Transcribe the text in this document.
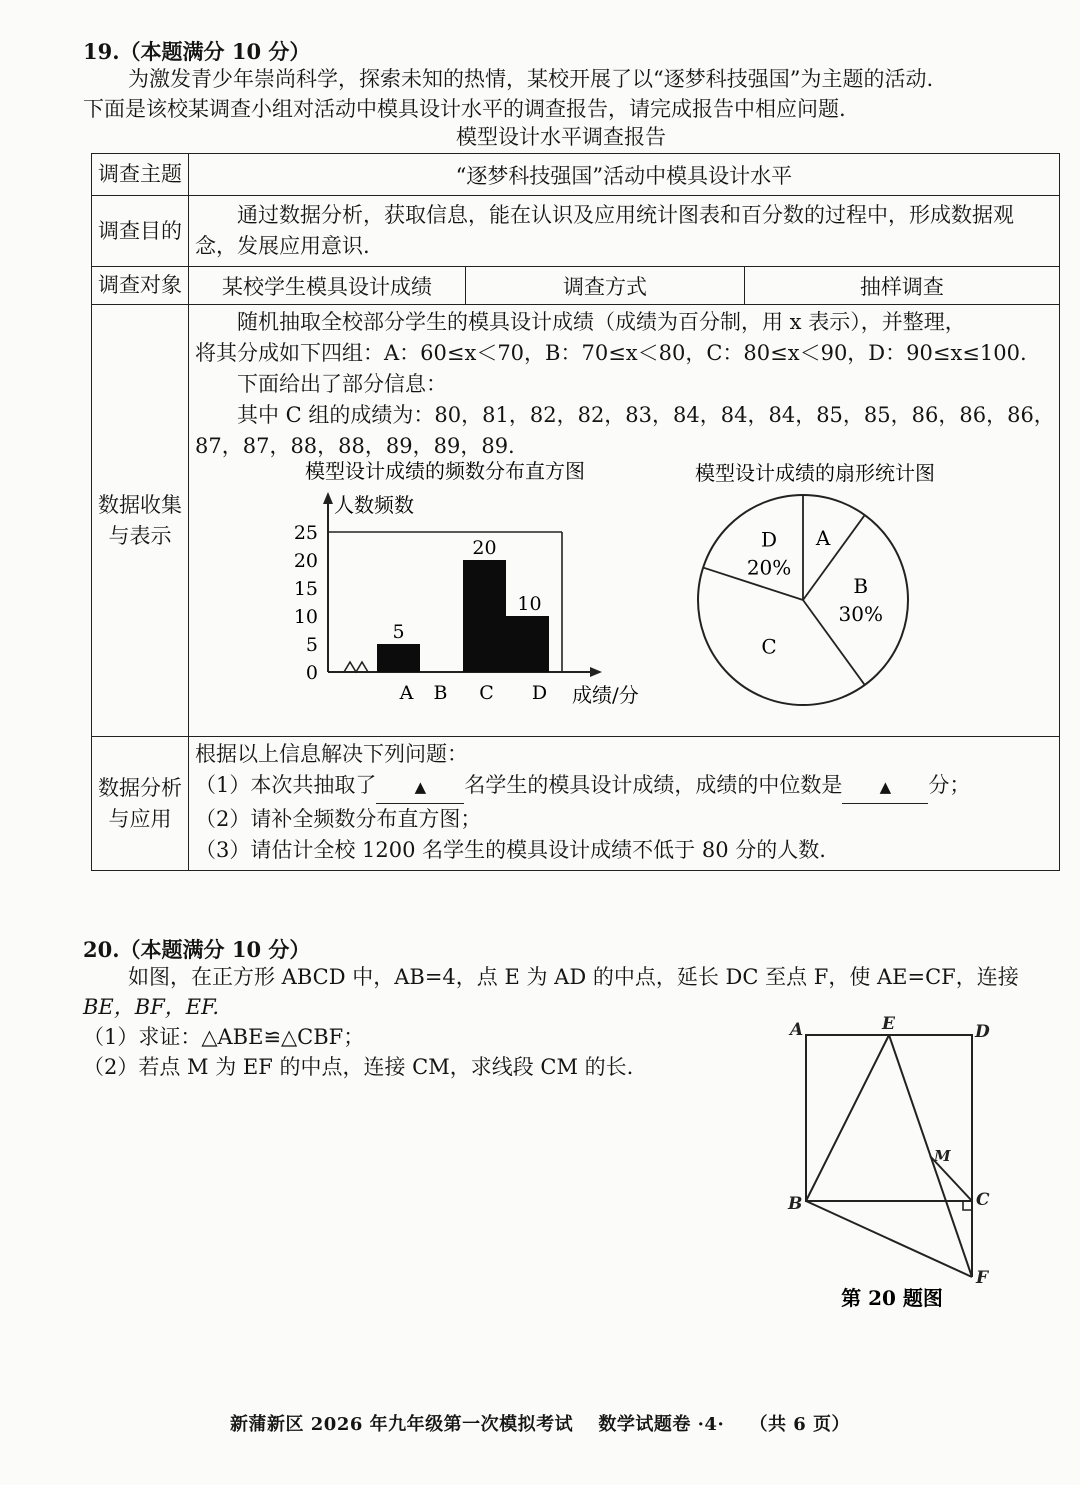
19.（本题满分 10 分）
为激发青少年崇尚科学，探索未知的热情，某校开展了以“逐梦科技强国”为主题的活动.
下面是该校某调查小组对活动中模具设计水平的调查报告，请完成报告中相应问题.
模型设计水平调查报告
调查主题	“逐梦科技强国”活动中模具设计水平		
调查目的	通过数据分析，获取信息，能在认识及应用统计图表和百分数的过程中，形成数据观念，发展应用意识.		

调查对象	某校学生模具设计成绩	调查方式	抽样调查
数据收集与表示	随机抽取全校部分学生的模具设计成绩（成绩为百分制，用 x 表示），并整理，
将其分成如下四组：A：60≤x＜70，B：70≤x＜80，C：80≤x＜90，D：90≤x≤100.
下面给出了部分信息：
其中 C 组的成绩为：80，81，82，82，83，84，84，84，85，85，86，86，86，
87，87，88，88，89，89，89.		

数据分析与应用	根据以上信息解决下列问题：
（1）本次共抽取了 ▲ 名学生的模具设计成绩，成绩的中位数是 ▲ 分；
（2）请补全频数分布直方图；
（3）请估计全校 1200 名学生的模具设计成绩不低于 80 分的人数.		
模型设计成绩的频数分布直方图
0
5
10
15
20
25
人数频数
5
A B
20
C
10
D 成绩/分
模型设计成绩的扇形统计图
A
B
30%
C
D
20%
20.（本题满分 10 分）
如图，在正方形 ABCD 中，AB=4，点 E 为 AD 的中点，延长 DC 至点 F，使 AE=CF，连接
BE，BF，EF.
（1）求证：△ABE≌△CBF；
（2）若点 M 为 EF 的中点，连接 CM，求线段 CM 的长.
A	E	D
B	C
M
F
第 20 题图
新蒲新区 2026 年九年级第一次模拟考试　 数学试题卷 ·4·　 （共 6 页）
